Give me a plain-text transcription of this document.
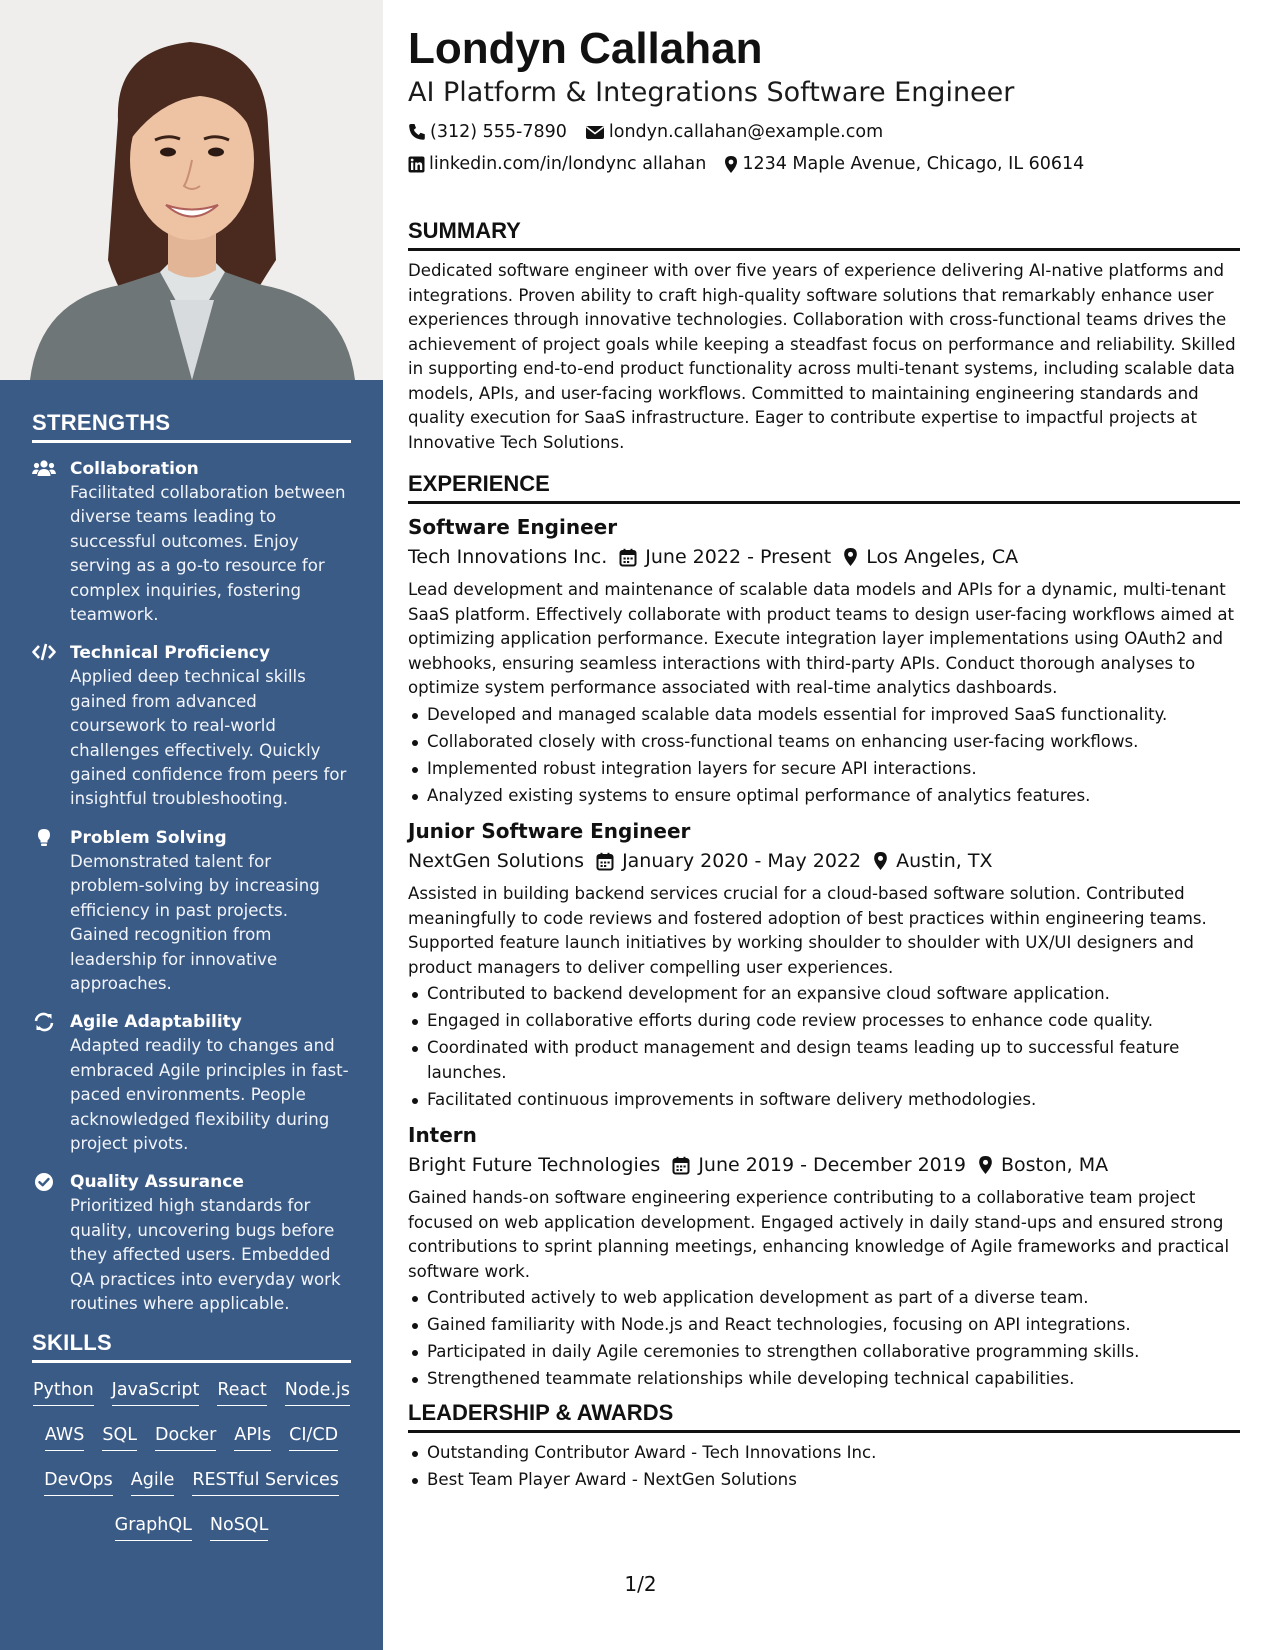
STRENGTHS
Collaboration
Facilitated collaboration between diverse teams leading to successful outcomes. Enjoy serving as a go-to resource for complex inquiries, fostering teamwork.
Technical Proficiency
Applied deep technical skills gained from advanced coursework to real-world challenges effectively. Quickly gained confidence from peers for insightful troubleshooting.
Problem Solving
Demonstrated talent for problem-solving by increasing efficiency in past projects. Gained recognition from leadership for innovative approaches.
Agile Adaptability
Adapted readily to changes and embraced Agile principles in fast-paced environments. People acknowledged flexibility during project pivots.
Quality Assurance
Prioritized high standards for quality, uncovering bugs before they affected users. Embedded QA practices into everyday work routines where applicable.
SKILLS
Python JavaScript React Node.js
AWS SQL Docker APIs CI/CD
DevOps Agile RESTful Services
GraphQL NoSQL
Londyn Callahan
AI Platform & Integrations Software Engineer
(312) 555-7890 londyn.callahan@example.com
linkedin.com/in/londync allahan 1234 Maple Avenue, Chicago, IL 60614
SUMMARY
Dedicated software engineer with over five years of experience delivering AI-native platforms and integrations. Proven ability to craft high-quality software solutions that remarkably enhance user experiences through innovative technologies. Collaboration with cross-functional teams drives the achievement of project goals while keeping a steadfast focus on performance and reliability. Skilled in supporting end-to-end product functionality across multi-tenant systems, including scalable data models, APIs, and user-facing workflows. Committed to maintaining engineering standards and quality execution for SaaS infrastructure. Eager to contribute expertise to impactful projects at Innovative Tech Solutions.
EXPERIENCE
Software Engineer
Tech Innovations Inc. June 2022 - Present Los Angeles, CA
Lead development and maintenance of scalable data models and APIs for a dynamic, multi-tenant SaaS platform. Effectively collaborate with product teams to design user-facing workflows aimed at optimizing application performance. Execute integration layer implementations using OAuth2 and webhooks, ensuring seamless interactions with third-party APIs. Conduct thorough analyses to optimize system performance associated with real-time analytics dashboards.
Developed and managed scalable data models essential for improved SaaS functionality.
Collaborated closely with cross-functional teams on enhancing user-facing workflows.
Implemented robust integration layers for secure API interactions.
Analyzed existing systems to ensure optimal performance of analytics features.
Junior Software Engineer
NextGen Solutions January 2020 - May 2022 Austin, TX
Assisted in building backend services crucial for a cloud-based software solution. Contributed meaningfully to code reviews and fostered adoption of best practices within engineering teams. Supported feature launch initiatives by working shoulder to shoulder with UX/UI designers and product managers to deliver compelling user experiences.
Contributed to backend development for an expansive cloud software application.
Engaged in collaborative efforts during code review processes to enhance code quality.
Coordinated with product management and design teams leading up to successful feature launches.
Facilitated continuous improvements in software delivery methodologies.
Intern
Bright Future Technologies June 2019 - December 2019 Boston, MA
Gained hands-on software engineering experience contributing to a collaborative team project focused on web application development. Engaged actively in daily stand-ups and ensured strong contributions to sprint planning meetings, enhancing knowledge of Agile frameworks and practical software work.
Contributed actively to web application development as part of a diverse team.
Gained familiarity with Node.js and React technologies, focusing on API integrations.
Participated in daily Agile ceremonies to strengthen collaborative programming skills.
Strengthened teammate relationships while developing technical capabilities.
LEADERSHIP & AWARDS
Outstanding Contributor Award - Tech Innovations Inc.
Best Team Player Award - NextGen Solutions
1/2
